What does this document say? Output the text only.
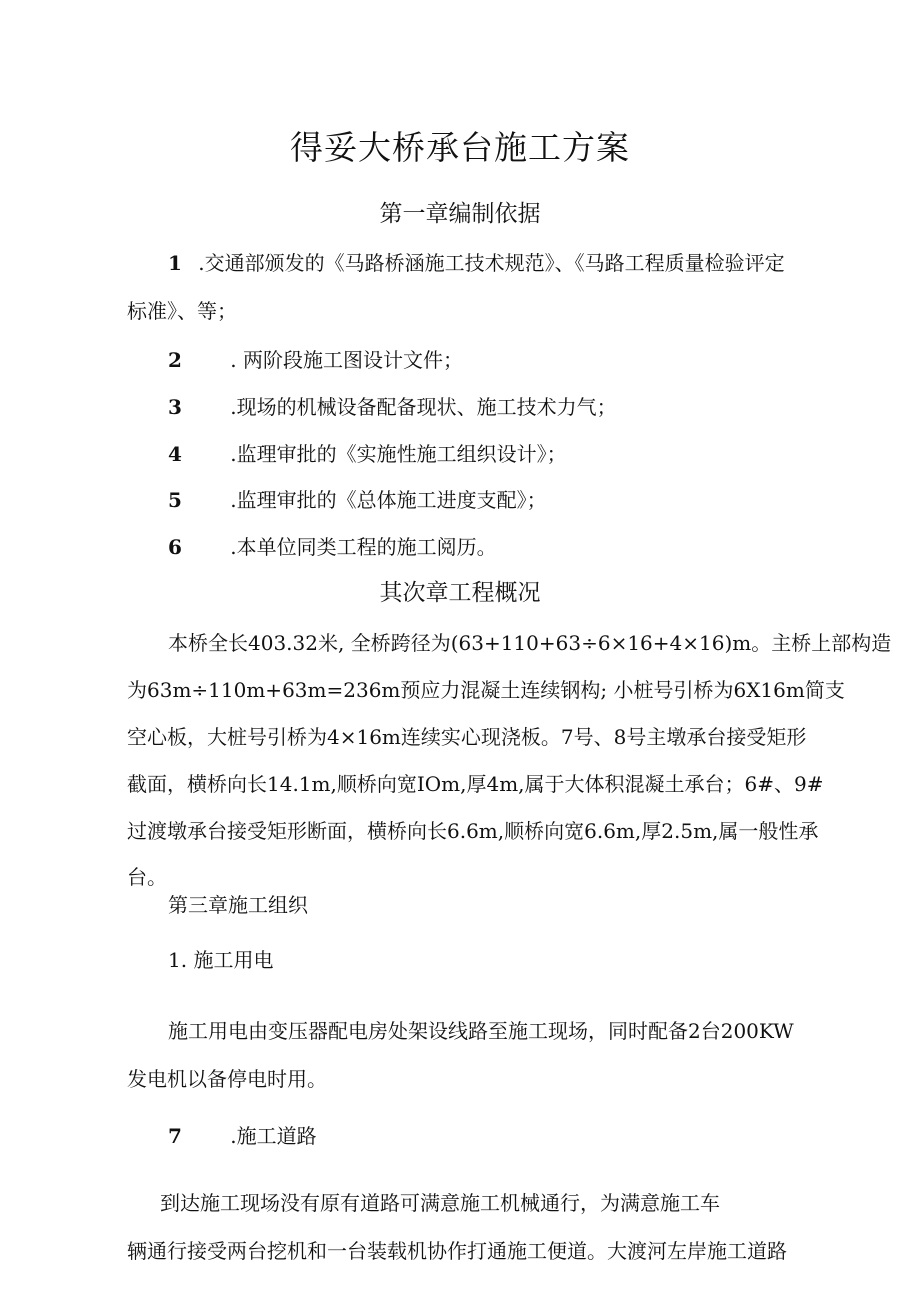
得妥大桥承台施工方案
第一章编制依据
1 .交通部颁发的《马路桥涵施工技术规范》、《马路工程质量检验评定
标准》、等；
2 . 两阶段施工图设计文件；
3 .现场的机械设备配备现状、施工技术力气；
4 .监理审批的《实施性施工组织设计》；
5 .监理审批的《总体施工进度支配》；
6 .本单位同类工程的施工阅历。
其次章工程概况
本桥全长403.32米, 全桥跨径为(63+110+63÷6×16+4×16)m。主桥上部构造
为63m÷110m+63m=236m预应力混凝土连续钢构; 小桩号引桥为6X16m简支
空心板，大桩号引桥为4×16m连续实心现浇板。7号、8号主墩承台接受矩形
截面，横桥向长14.1m,顺桥向宽IOm,厚4m,属于大体积混凝土承台；6#、9#
过渡墩承台接受矩形断面，横桥向长6.6m,顺桥向宽6.6m,厚2.5m,属一般性承
台。
第三章施工组织
1. 施工用电
施工用电由变压器配电房处架设线路至施工现场，同时配备2台200KW
发电机以备停电时用。
7 .施工道路
到达施工现场没有原有道路可满意施工机械通行，为满意施工车
辆通行接受两台挖机和一台装载机协作打通施工便道。大渡河左岸施工道路
